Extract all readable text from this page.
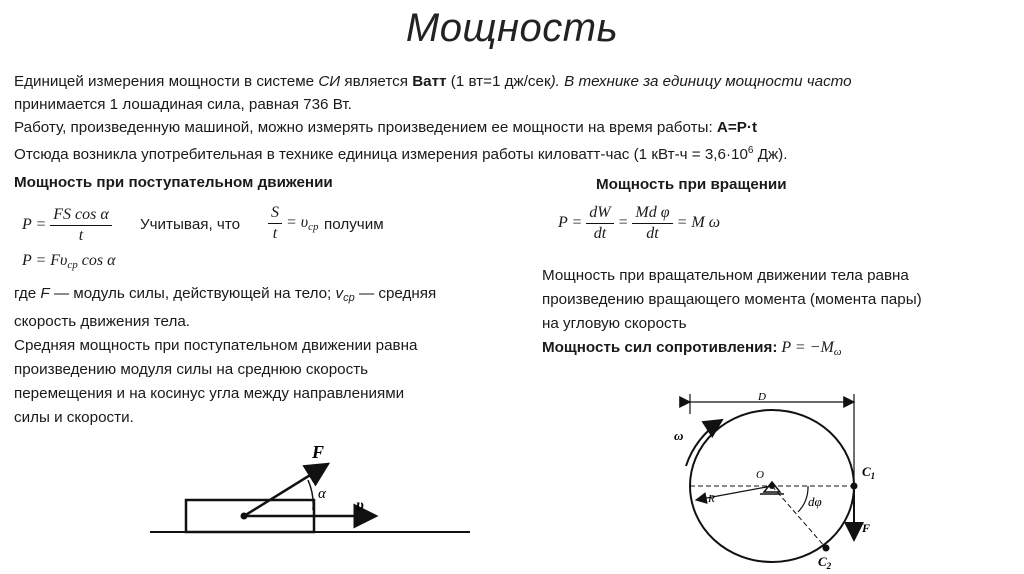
Мощность

Единицей измерения мощности в системе СИ является Ватт (1 вт=1 дж/сек). В технике за единицу мощности часто

принимается 1 лошадиная сила, равная 736 Вт.

Работу, произведенную машиной, можно измерять произведением ее мощности на время работы: A=P·t

Отсюда возникла употребительная в технике единица измерения работы киловатт-час (1 $кВт-ч = 3,6\cdot 10^6$ Дж).

Мощность при поступательном движении
$P = \frac{\text{FS cos α}}{t}$ Учитывая, что $\frac{S}{t} = \upsilon_{ср}$ получим
$P = F\upsilon_{ср}$ cos α
где F — модуль силы, действующей на тело; $v_{ср}$ — средняя
скорость движения тела.
Средняя мощность при поступательном движении равна
произведению модуля силы на среднюю скорость
перемещения и на косинус угла между направлениями
силы и скорости.
F
α
υ
Мощность при вращении
$P = \frac{dW}{dt} = \frac{\text{Md φ}}{dt} = M$ ω
Мощность при вращательном движении тела равна
произведению вращающего момента (момента пары)
на угловую скорость
Мощность сил сопротивления: $P = -M_\omega$
D
ω
R	dφ
O	$C_1$
$C_2$
F
